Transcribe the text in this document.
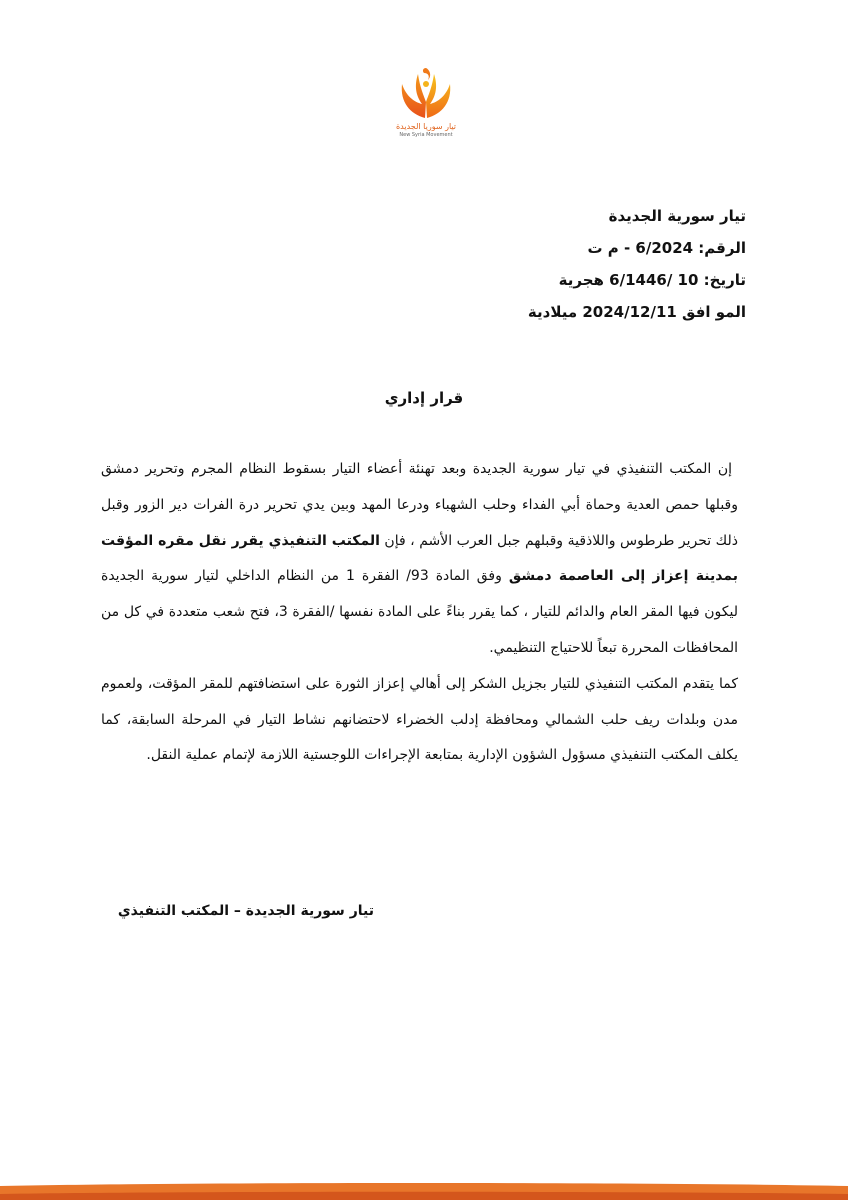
تيار سوريا الجديدة
New Syria Movement
تيار سورية الجديدة
الرقم: 6/2024 - م ت
تاريخ: 10 /6/1446 هجرية
المو افق 2024/12/11 ميلادية
قرار إداري

إن المكتب التنفيذي في تيار سورية الجديدة وبعد تهنئة أعضاء التيار بسقوط النظام المجرم وتحرير دمشق وقبلها حمص العدية وحماة أبي الفداء وحلب الشهباء ودرعا المهد وبين يدي تحرير درة الفرات دير الزور وقبل ذلك تحرير طرطوس واللاذقية وقبلهم جبل العرب الأشم ، فإن المكتب التنفيذي يقرر نقل مقره المؤقت بمدينة إعزاز إلى العاصمة دمشق وفق المادة 93/ الفقرة 1 من النظام الداخلي لتيار سورية الجديدة ليكون فيها المقر العام والدائم للتيار ، كما يقرر بناءً على المادة نفسها /الفقرة 3، فتح شعب متعددة في كل من المحافظات المحررة تبعاً للاحتياج التنظيمي.

كما يتقدم المكتب التنفيذي للتيار بجزيل الشكر إلى أهالي إعزاز الثورة على استضافتهم للمقر المؤقت، ولعموم مدن وبلدات ريف حلب الشمالي ومحافظة إدلب الخضراء لاحتضانهم نشاط التيار في المرحلة السابقة، كما يكلف المكتب التنفيذي مسؤول الشؤون الإدارية بمتابعة الإجراءات اللوجستية اللازمة لإتمام عملية النقل.

تيار سورية الجديدة – المكتب التنفيذي
